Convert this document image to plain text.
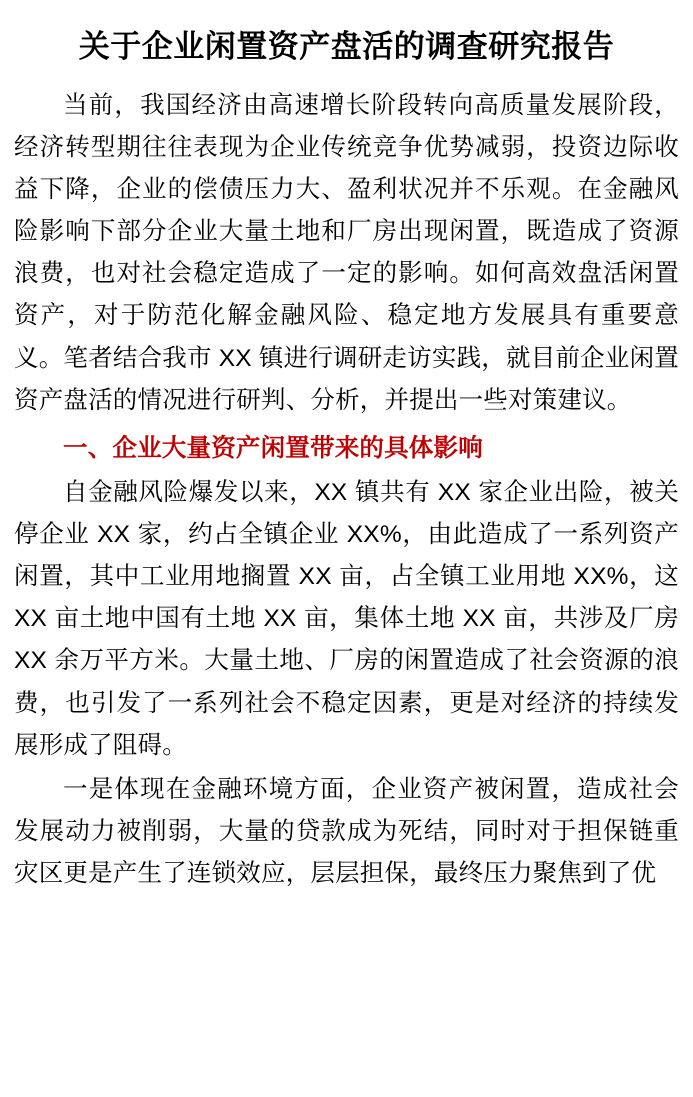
关于企业闲置资产盘活的调查研究报告

当前，我国经济由高速增长阶段转向高质量发展阶段，经济转型期往往表现为企业传统竞争优势减弱，投资边际收益下降，企业的偿债压力大、盈利状况并不乐观。在金融风险影响下部分企业大量土地和厂房出现闲置，既造成了资源浪费，也对社会稳定造成了一定的影响。如何高效盘活闲置资产，对于防范化解金融风险、稳定地方发展具有重要意义。笔者结合我市 XX 镇进行调研走访实践，就目前企业闲置资产盘活的情况进行研判、分析，并提出一些对策建议。

一、企业大量资产闲置带来的具体影响

自金融风险爆发以来，XX 镇共有 XX 家企业出险，被关停企业 XX 家，约占全镇企业 XX%，由此造成了一系列资产闲置，其中工业用地搁置 XX 亩，占全镇工业用地 XX%，这 XX 亩土地中国有土地 XX 亩，集体土地 XX 亩，共涉及厂房 XX 余万平方米。大量土地、厂房的闲置造成了社会资源的浪费，也引发了一系列社会不稳定因素，更是对经济的持续发展形成了阻碍。

一是体现在金融环境方面，企业资产被闲置，造成社会发展动力被削弱，大量的贷款成为死结，同时对于担保链重灾区更是产生了连锁效应，层层担保，最终压力聚焦到了优
